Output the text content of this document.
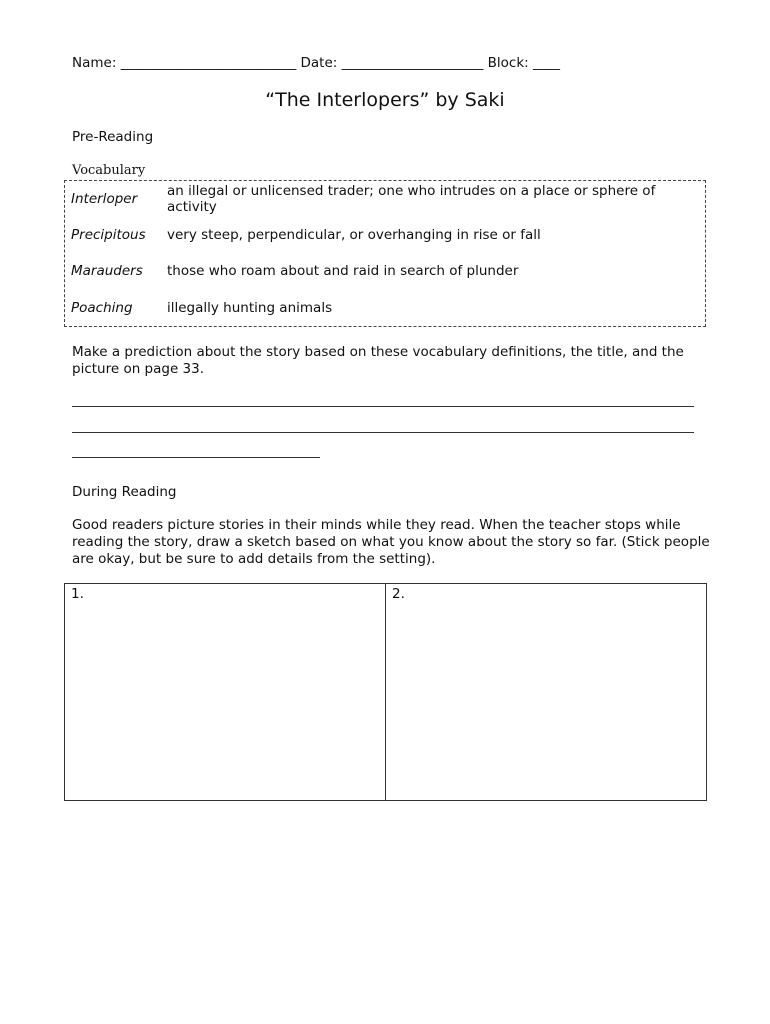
Name: __________________________ Date: _____________________ Block: ____
“The Interlopers” by Saki
Pre-Reading
Vocabulary
Interloper	an illegal or unlicensed trader; one who intrudes on a place or sphere of activity
Precipitous	very steep, perpendicular, or overhanging in rise or fall
Marauders	those who roam about and raid in search of plunder
Poaching	illegally hunting animals
Make a prediction about the story based on these vocabulary definitions, the title, and the picture on page 33.
During Reading
Good readers picture stories in their minds while they read. When the teacher stops while reading the story, draw a sketch based on what you know about the story so far. (Stick people are okay, but be sure to add details from the setting).
1.	2.
